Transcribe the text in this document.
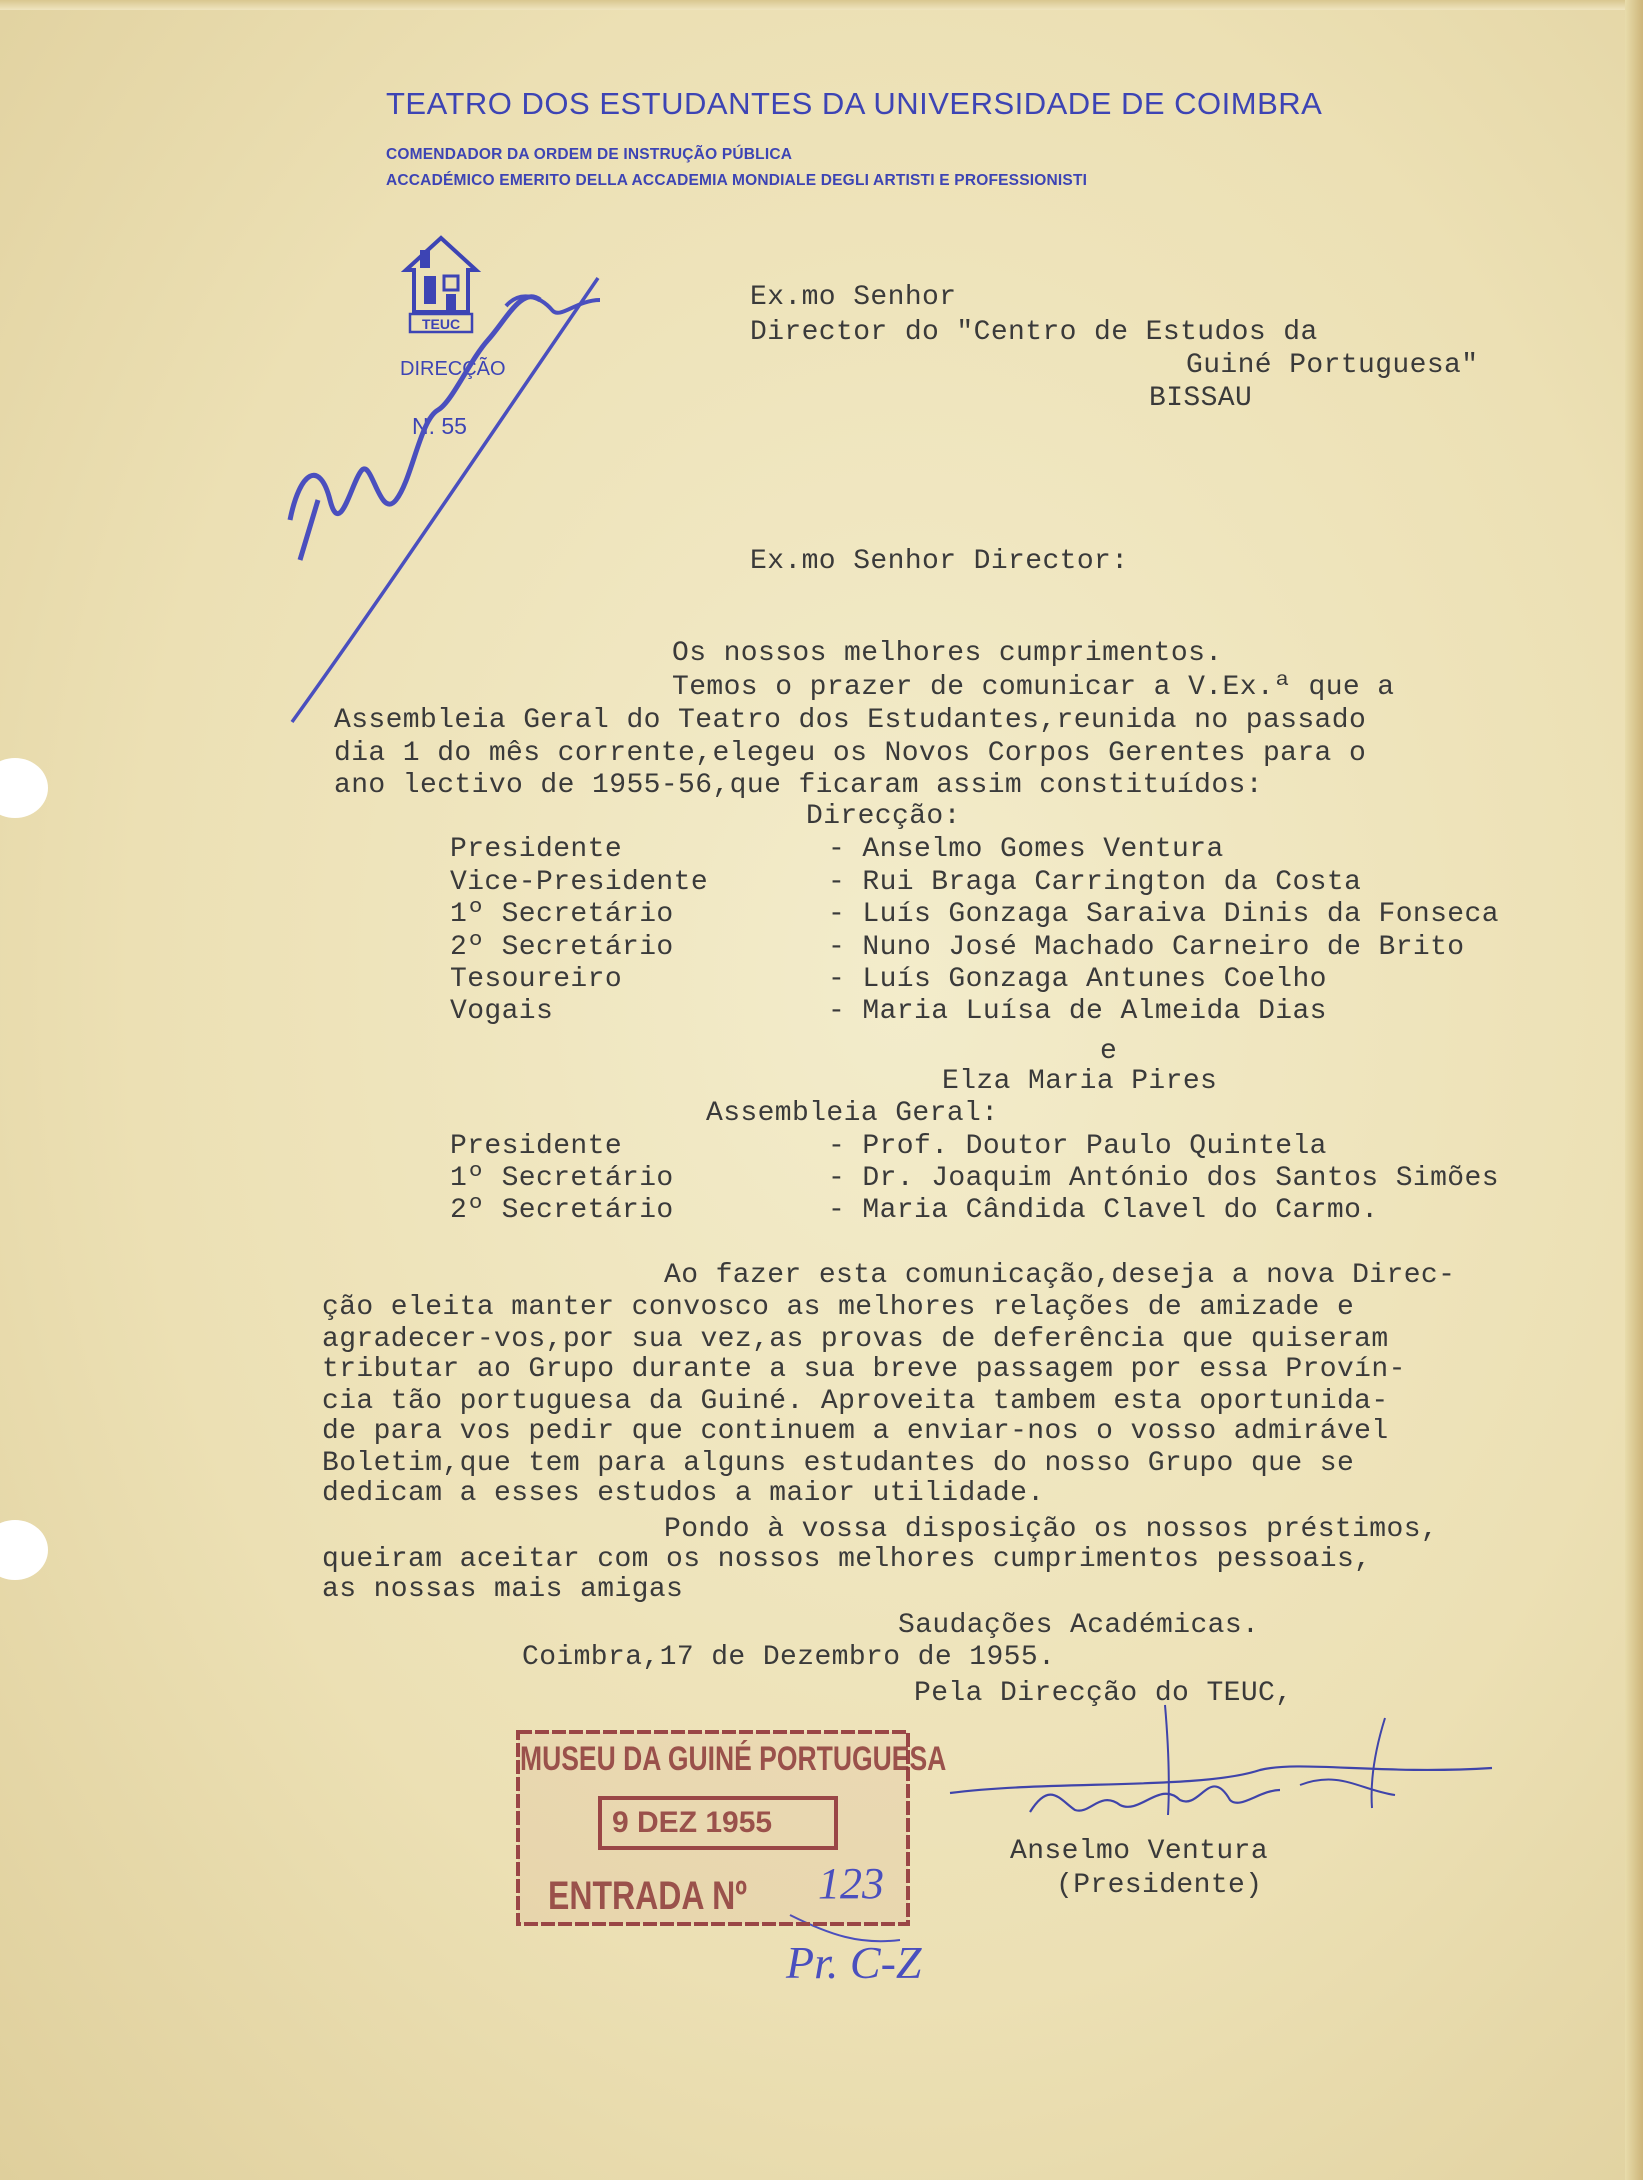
TEATRO DOS ESTUDANTES DA UNIVERSIDADE DE COIMBRA
COMENDADOR DA ORDEM DE INSTRUÇÃO PÚBLICA
ACCADÉMICO EMERITO DELLA ACCADEMIA MONDIALE DEGLI ARTISTI E PROFESSIONISTI
TEUC
DIRECÇÃO
N. 55
Ex.mo Senhor
Director do "Centro de Estudos da
Guiné Portuguesa"
BISSAU
Ex.mo Senhor Director:
Os nossos melhores cumprimentos.
Temos o prazer de comunicar a V.Ex.ª que a
Assembleia Geral do Teatro dos Estudantes,reunida no passado
dia 1 do mês corrente,elegeu os Novos Corpos Gerentes para o
ano lectivo de 1955-56,que ficaram assim constituídos:
Direcção:
Presidente	- Anselmo Gomes Ventura
Vice-Presidente	- Rui Braga Carrington da Costa
1º Secretário	- Luís Gonzaga Saraiva Dinis da Fonseca
2º Secretário	- Nuno José Machado Carneiro de Brito
Tesoureiro	- Luís Gonzaga Antunes Coelho
Vogais	- Maria Luísa de Almeida Dias
e
Elza Maria Pires
Assembleia Geral:
Presidente	- Prof. Doutor Paulo Quintela
1º Secretário	- Dr. Joaquim António dos Santos Simões
2º Secretário	- Maria Cândida Clavel do Carmo.
Ao fazer esta comunicação,deseja a nova Direc-
ção eleita manter convosco as melhores relações de amizade e
agradecer-vos,por sua vez,as provas de deferência que quiseram
tributar ao Grupo durante a sua breve passagem por essa Provín-
cia tão portuguesa da Guiné. Aproveita tambem esta oportunida-
de para vos pedir que continuem a enviar-nos o vosso admirável
Boletim,que tem para alguns estudantes do nosso Grupo que se
dedicam a esses estudos a maior utilidade.
Pondo à vossa disposição os nossos préstimos,
queiram aceitar com os nossos melhores cumprimentos pessoais,
as nossas mais amigas
Saudações Académicas.
Coimbra,17 de Dezembro de 1955.
Pela Direcção do TEUC,
Anselmo Ventura
(Presidente)
MUSEU DA GUINÉ PORTUGUESA
9 DEZ 1955
ENTRADA Nº 123
Pr. C-Z
